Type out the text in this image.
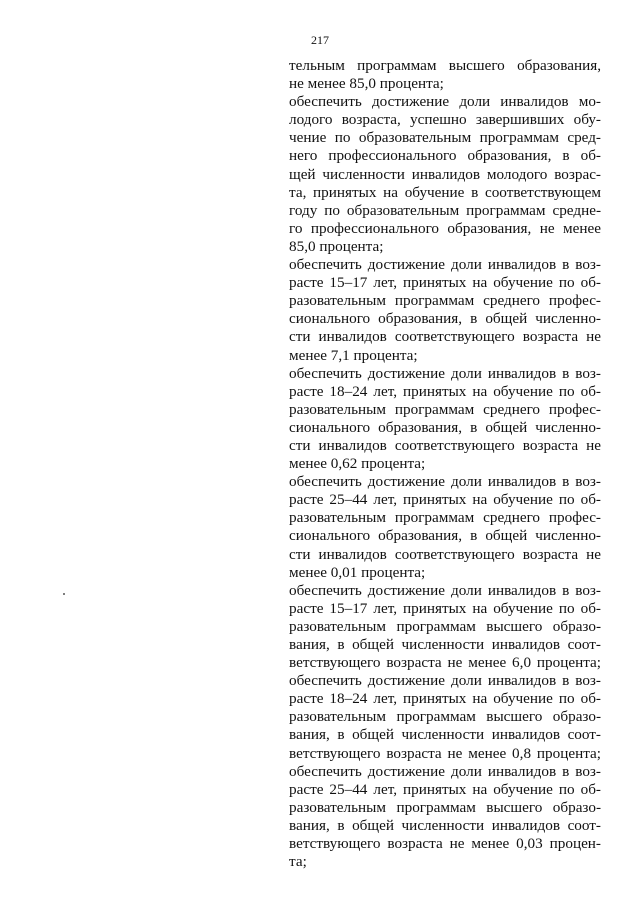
217
тельным программам высшего образования,
не менее 85,0 процента;
обеспечить достижение доли инвалидов мо-
лодого возраста, успешно завершивших обу-
чение по образовательным программам сред-
него профессионального образования, в об-
щей численности инвалидов молодого возрас-
та, принятых на обучение в соответствующем
году по образовательным программам средне-
го профессионального образования, не менее
85,0 процента;
обеспечить достижение доли инвалидов в воз-
расте 15–17 лет, принятых на обучение по об-
разовательным программам среднего профес-
сионального образования, в общей численно-
сти инвалидов соответствующего возраста не
менее 7,1 процента;
обеспечить достижение доли инвалидов в воз-
расте 18–24 лет, принятых на обучение по об-
разовательным программам среднего профес-
сионального образования, в общей численно-
сти инвалидов соответствующего возраста не
менее 0,62 процента;
обеспечить достижение доли инвалидов в воз-
расте 25–44 лет, принятых на обучение по об-
разовательным программам среднего профес-
сионального образования, в общей численно-
сти инвалидов соответствующего возраста не
менее 0,01 процента;
обеспечить достижение доли инвалидов в воз-
расте 15–17 лет, принятых на обучение по об-
разовательным программам высшего образо-
вания, в общей численности инвалидов соот-
ветствующего возраста не менее 6,0 процента;
обеспечить достижение доли инвалидов в воз-
расте 18–24 лет, принятых на обучение по об-
разовательным программам высшего образо-
вания, в общей численности инвалидов соот-
ветствующего возраста не менее 0,8 процента;
обеспечить достижение доли инвалидов в воз-
расте 25–44 лет, принятых на обучение по об-
разовательным программам высшего образо-
вания, в общей численности инвалидов соот-
ветствующего возраста не менее 0,03 процен-
та;
